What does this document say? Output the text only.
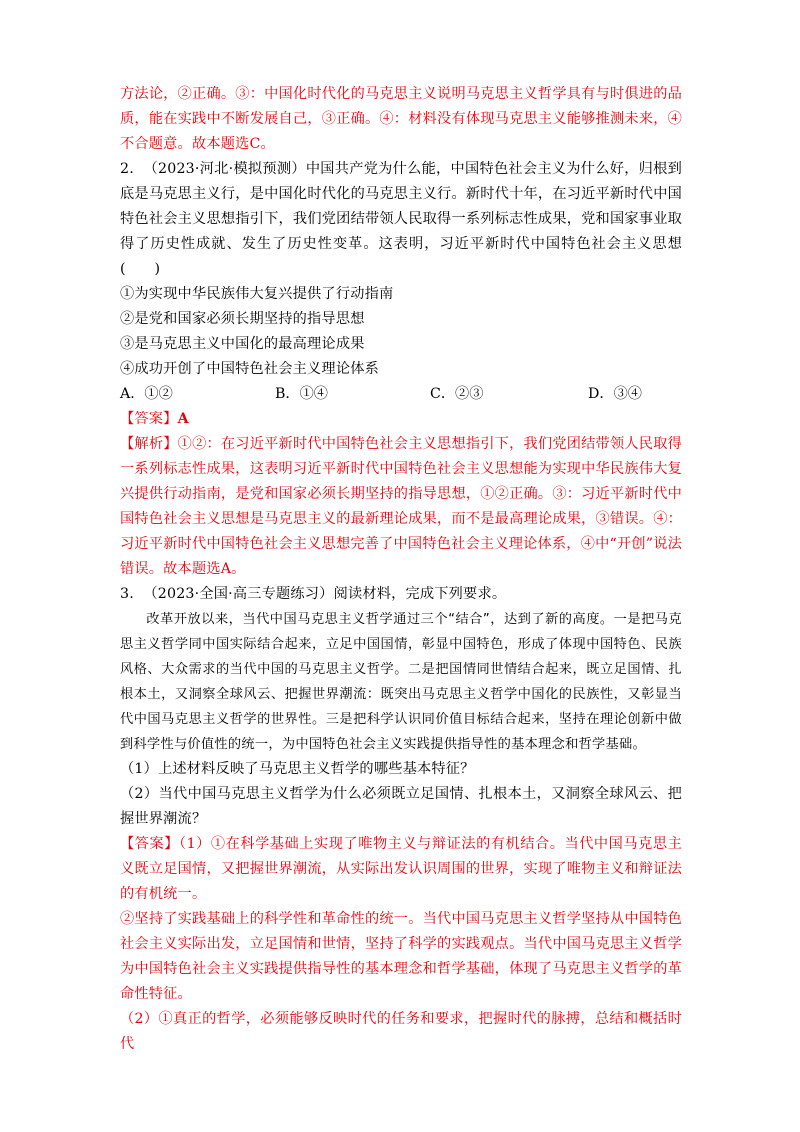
方法论，②正确。③：中国化时代化的马克思主义说明马克思主义哲学具有与时俱进的品质，能在实践中不断发展自己，③正确。④：材料没有体现马克思主义能够推测未来，④不合题意。故本题选C。

2. （2023·河北·模拟预测）中国共产党为什么能，中国特色社会主义为什么好，归根到底是马克思主义行，是中国化时代化的马克思主义行。新时代十年，在习近平新时代中国特色社会主义思想指引下，我们党团结带领人民取得一系列标志性成果，党和国家事业取得了历史性成就、发生了历史性变革。这表明，习近平新时代中国特色社会主义思想(　　)

①为实现中华民族伟大复兴提供了行动指南

②是党和国家必须长期坚持的指导思想

③是马克思主义中国化的最高理论成果

④成功开创了中国特色社会主义理论体系

A．①②	B．①④	C．②③	D．③④

【答案】A

【解析】①②：在习近平新时代中国特色社会主义思想指引下，我们党团结带领人民取得一系列标志性成果，这表明习近平新时代中国特色社会主义思想能为实现中华民族伟大复兴提供行动指南，是党和国家必须长期坚持的指导思想，①②正确。③：习近平新时代中国特色社会主义思想是马克思主义的最新理论成果，而不是最高理论成果，③错误。④：习近平新时代中国特色社会主义思想完善了中国特色社会主义理论体系，④中“开创”说法错误。故本题选A。

3. （2023·全国·高三专题练习）阅读材料，完成下列要求。

改革开放以来，当代中国马克思主义哲学通过三个“结合”，达到了新的高度。一是把马克思主义哲学同中国实际结合起来，立足中国国情，彰显中国特色，形成了体现中国特色、民族风格、大众需求的当代中国的马克思主义哲学。二是把国情同世情结合起来，既立足国情、扎根本土，又洞察全球风云、把握世界潮流：既突出马克思主义哲学中国化的民族性，又彰显当代中国马克思主义哲学的世界性。三是把科学认识同价值目标结合起来，坚持在理论创新中做到科学性与价值性的统一，为中国特色社会主义实践提供指导性的基本理念和哲学基础。

（1）上述材料反映了马克思主义哲学的哪些基本特征？

（2）当代中国马克思主义哲学为什么必须既立足国情、扎根本土，又洞察全球风云、把握世界潮流？

【答案】（1）①在科学基础上实现了唯物主义与辩证法的有机结合。当代中国马克思主义既立足国情，又把握世界潮流，从实际出发认识周围的世界，实现了唯物主义和辩证法的有机统一。

②坚持了实践基础上的科学性和革命性的统一。当代中国马克思主义哲学坚持从中国特色社会主义实际出发，立足国情和世情，坚持了科学的实践观点。当代中国马克思主义哲学为中国特色社会主义实践提供指导性的基本理念和哲学基础，体现了马克思主义哲学的革命性特征。

（2）①真正的哲学，必须能够反映时代的任务和要求，把握时代的脉搏，总结和概括时代
